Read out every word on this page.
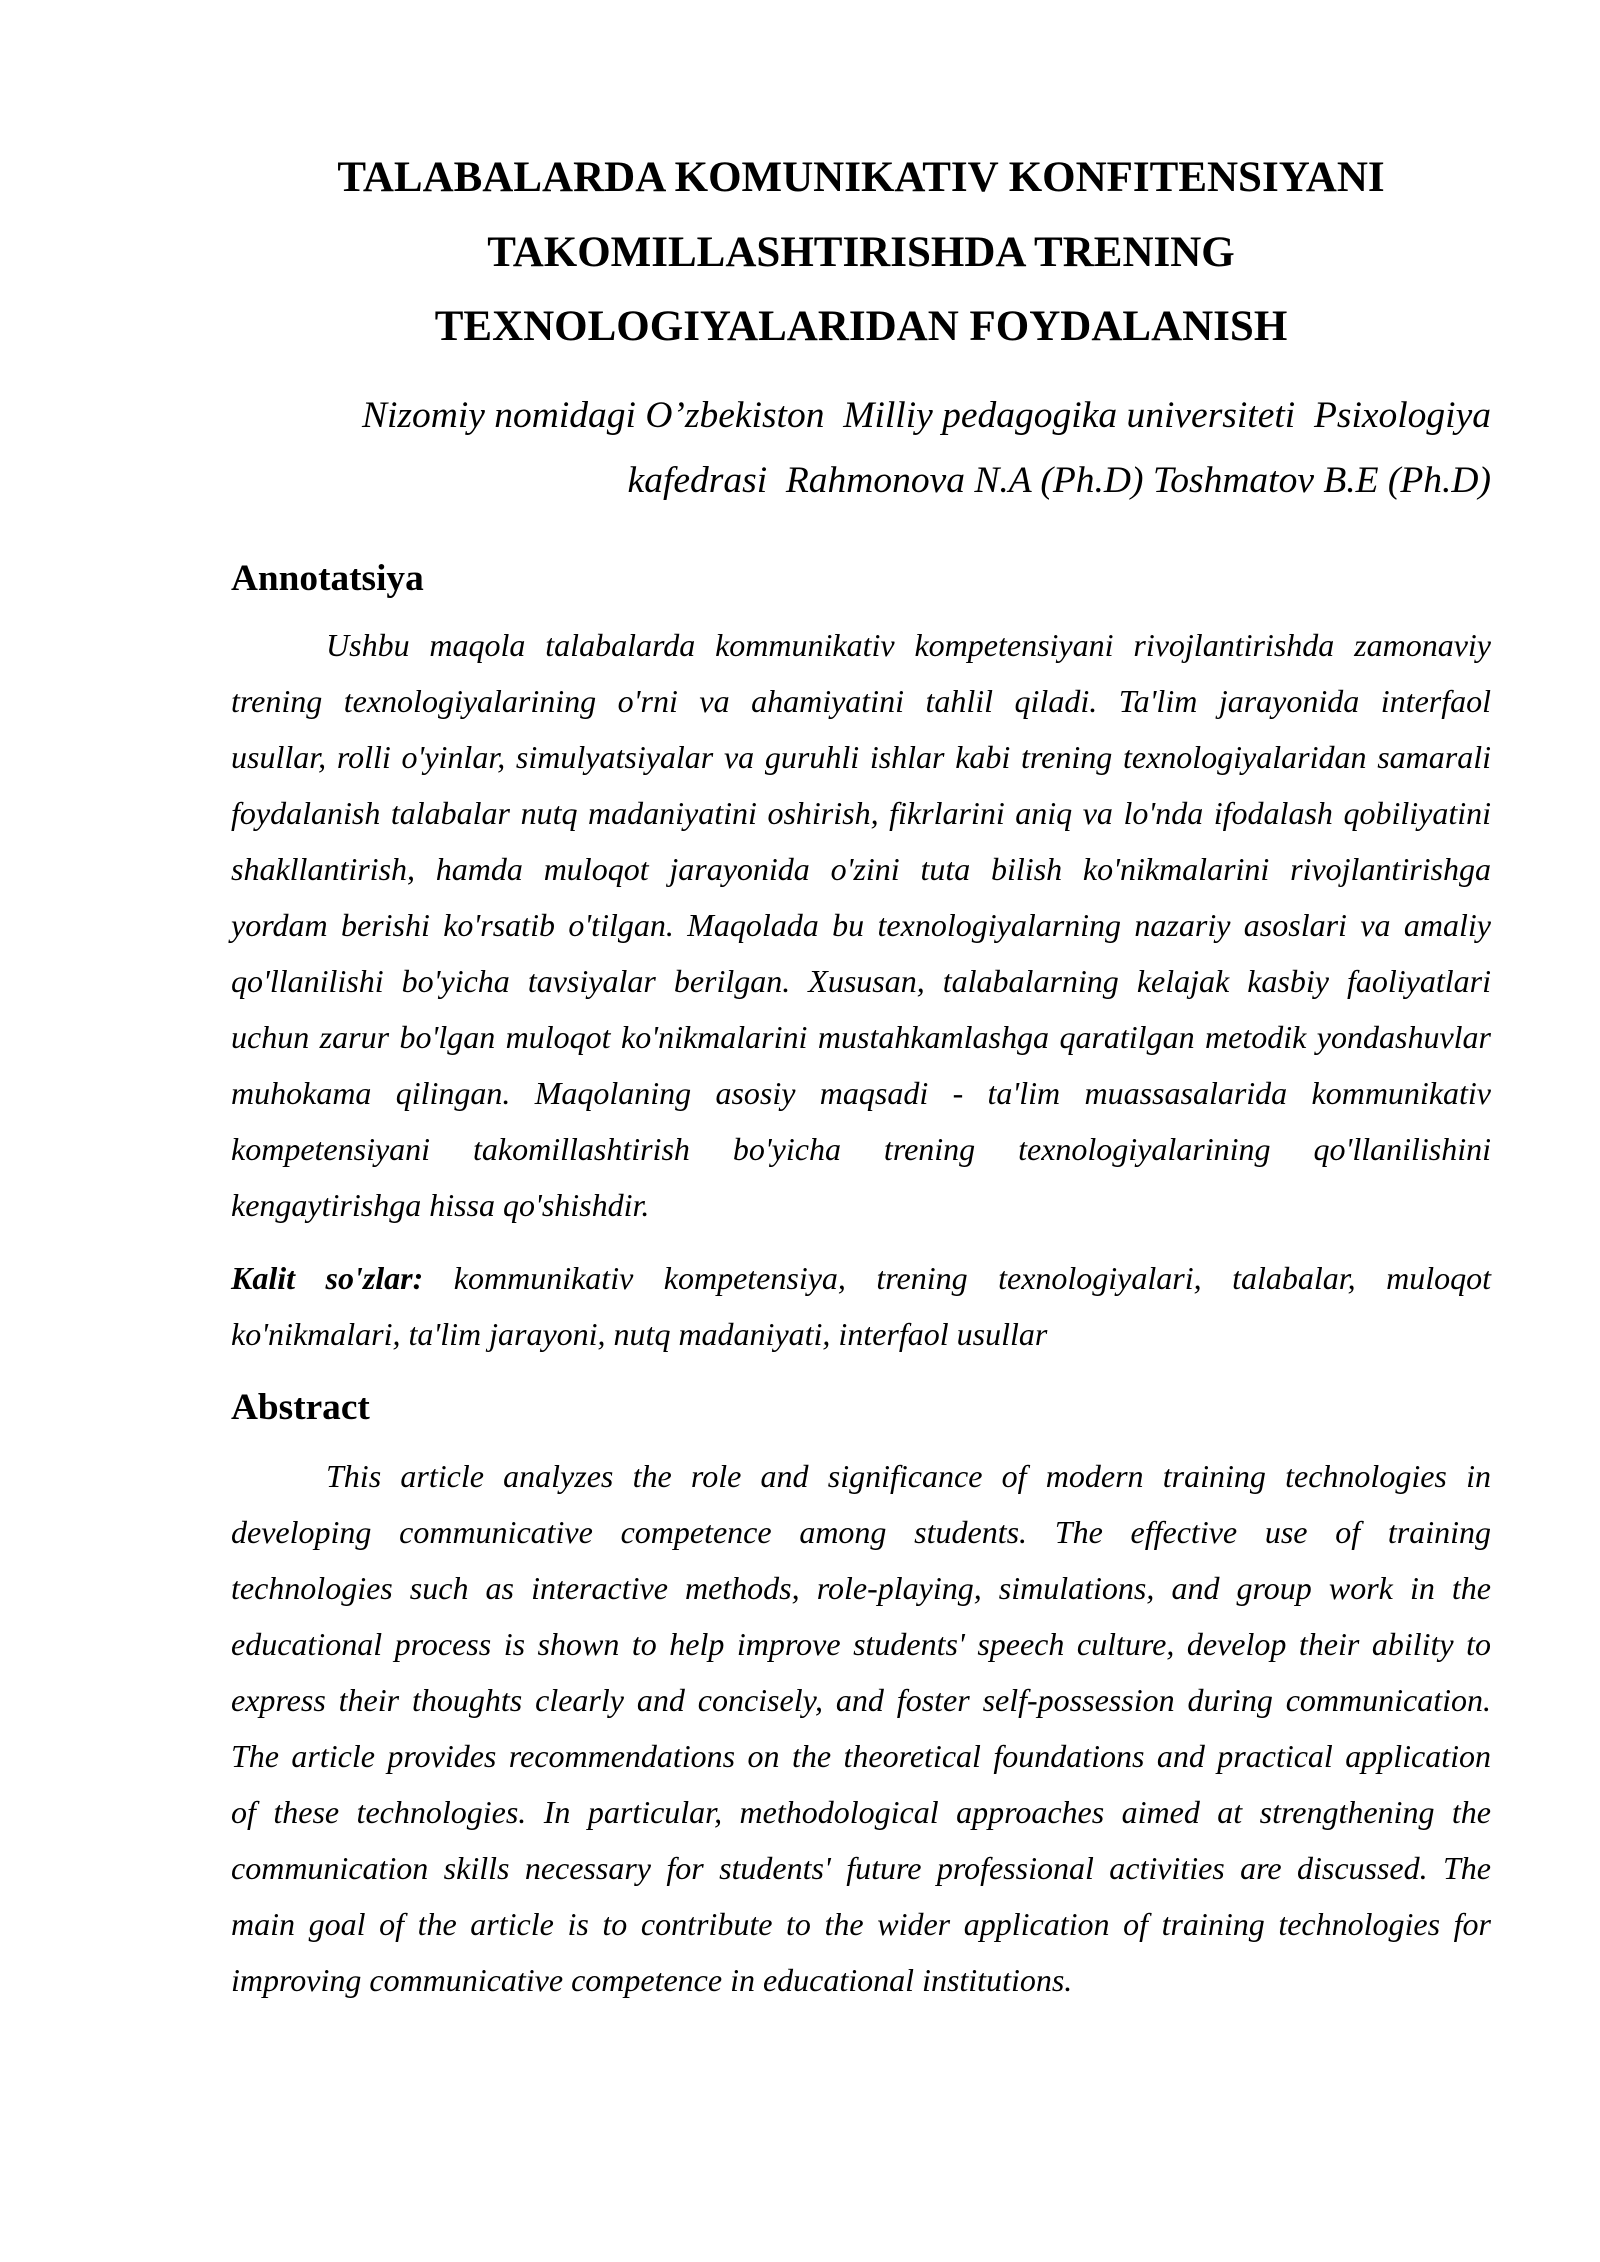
TALABALARDA KOMUNIKATIV KONFITENSIYANI
TAKOMILLASHTIRISHDA TRENING
TEXNOLOGIYALARIDAN FOYDALANISH
Nizomiy nomidagi O’zbekiston  Milliy pedagogika universiteti  Psixologiya
kafedrasi  Rahmonova N.A (Ph.D) Toshmatov B.E (Ph.D)
Annotatsiya
Ushbu maqola talabalarda kommunikativ kompetensiyani rivojlantirishda zamonaviy
trening texnologiyalarining o'rni va ahamiyatini tahlil qiladi. Ta'lim jarayonida interfaol
usullar, rolli o'yinlar, simulyatsiyalar va guruhli ishlar kabi trening texnologiyalaridan samarali
foydalanish talabalar nutq madaniyatini oshirish, fikrlarini aniq va lo'nda ifodalash qobiliyatini
shakllantirish, hamda muloqot jarayonida o'zini tuta bilish ko'nikmalarini rivojlantirishga
yordam berishi ko'rsatib o'tilgan. Maqolada bu texnologiyalarning nazariy asoslari va amaliy
qo'llanilishi bo'yicha tavsiyalar berilgan. Xususan, talabalarning kelajak kasbiy faoliyatlari
uchun zarur bo'lgan muloqot ko'nikmalarini mustahkamlashga qaratilgan metodik yondashuvlar
muhokama qilingan. Maqolaning asosiy maqsadi - ta'lim muassasalarida kommunikativ
kompetensiyani takomillashtirish bo'yicha trening texnologiyalarining qo'llanilishini
kengaytirishga hissa qo'shishdir.
Kalit so'zlar: kommunikativ kompetensiya, trening texnologiyalari, talabalar, muloqot
ko'nikmalari, ta'lim jarayoni, nutq madaniyati, interfaol usullar
Abstract
This article analyzes the role and significance of modern training technologies in
developing communicative competence among students. The effective use of training
technologies such as interactive methods, role-playing, simulations, and group work in the
educational process is shown to help improve students' speech culture, develop their ability to
express their thoughts clearly and concisely, and foster self-possession during communication.
The article provides recommendations on the theoretical foundations and practical application
of these technologies. In particular, methodological approaches aimed at strengthening the
communication skills necessary for students' future professional activities are discussed. The
main goal of the article is to contribute to the wider application of training technologies for
improving communicative competence in educational institutions.
